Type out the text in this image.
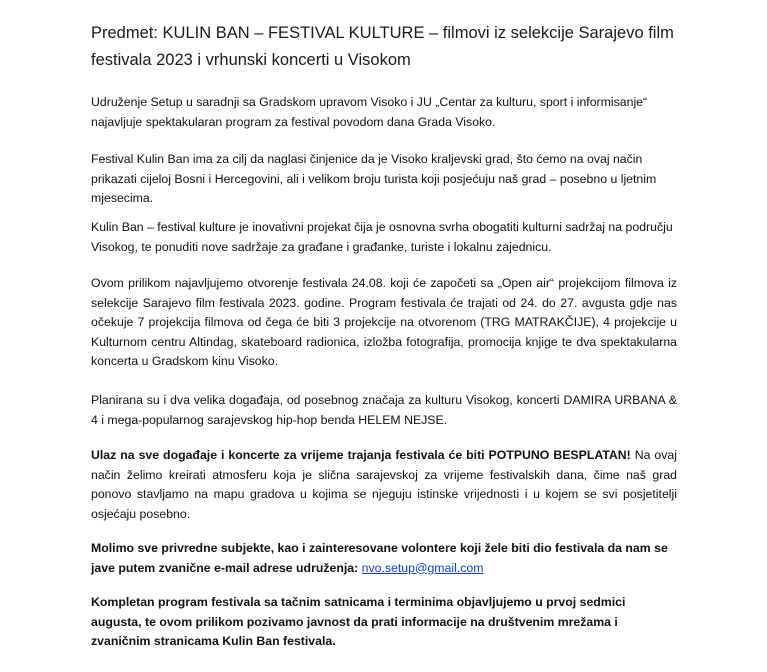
Predmet: KULIN BAN – FESTIVAL KULTURE – filmovi iz selekcije Sarajevo film
festivala 2023 i vrhunski koncerti u Visokom

Udruženje Setup u saradnji sa Gradskom upravom Visoko i JU „Centar za kulturu, sport i informisanje“ najavljuje spektakularan program za festival povodom dana Grada Visoko.

Festival Kulin Ban ima za cilj da naglasi činjenice da je Visoko kraljevski grad, što ćemo na ovaj način prikazati cijeloj Bosni i Hercegovini, ali i velikom broju turista koji posjećuju naš grad – posebno u ljetnim mjesecima.

Kulin Ban – festival kulture je inovativni projekat čija je osnovna svrha obogatiti kulturni sadržaj na području Visokog, te ponuditi nove sadržaje za građane i građanke, turiste i lokalnu zajednicu.

Ovom prilikom najavljujemo otvorenje festivala 24.08. koji će započeti sa „Open air“ projekcijom filmova iz selekcije Sarajevo film festivala 2023. godine. Program festivala će trajati od 24. do 27. avgusta gdje nas očekuje 7 projekcija filmova od čega će biti 3 projekcije na otvorenom (TRG MATRAKČIJE), 4 projekcije u Kulturnom centru Altindag, skateboard radionica, izložba fotografija, promocija knjige te dva spektakularna koncerta u Gradskom kinu Visoko.

Planirana su i dva velika događaja, od posebnog značaja za kulturu Visokog, koncerti DAMIRA URBANA & 4 i mega-popularnog sarajevskog hip-hop benda HELEM NEJSE.

Ulaz na sve događaje i koncerte za vrijeme trajanja festivala će biti POTPUNO BESPLATAN! Na ovaj način želimo kreirati atmosferu koja je slična sarajevskoj za vrijeme festivalskih dana, čime naš grad ponovo stavljamo na mapu gradova u kojima se njeguju istinske vrijednosti i u kojem se svi posjetitelji osjećaju posebno.

Molimo sve privredne subjekte, kao i zainteresovane volontere koji žele biti dio festivala da nam se jave putem zvanične e-mail adrese udruženja: nvo.setup@gmail.com

Kompletan program festivala sa tačnim satnicama i terminima objavljujemo u prvoj sedmici augusta, te ovom prilikom pozivamo javnost da prati informacije na društvenim mrežama i zvaničnim stranicama Kulin Ban festivala.
